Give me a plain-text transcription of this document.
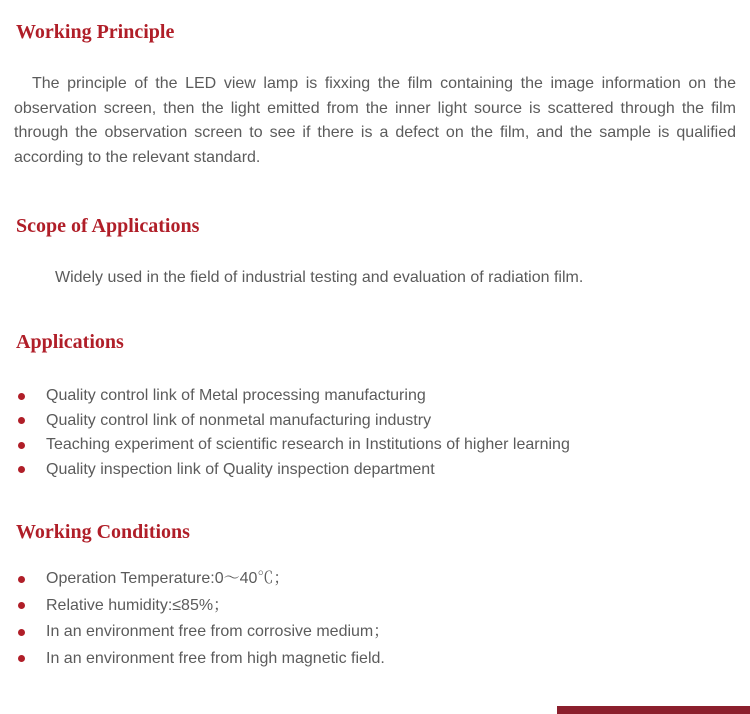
Working Principle

The principle of the LED view lamp is fixxing the film containing the image information on the observation screen, then the light emitted from the inner light source is scattered through the film through the observation screen to see if there is a defect on the film, and the sample is qualified according to the relevant standard.

Scope of Applications

Widely used in the field of industrial testing and evaluation of radiation film.

Applications
Quality control link of Metal processing manufacturing
Quality control link of nonmetal manufacturing industry
Teaching experiment of scientific research in Institutions of higher learning
Quality inspection link of Quality inspection department
Working Conditions
Operation Temperature:0～40℃；
Relative humidity:≤85%；
In an environment free from corrosive medium；
In an environment free from high magnetic field.
